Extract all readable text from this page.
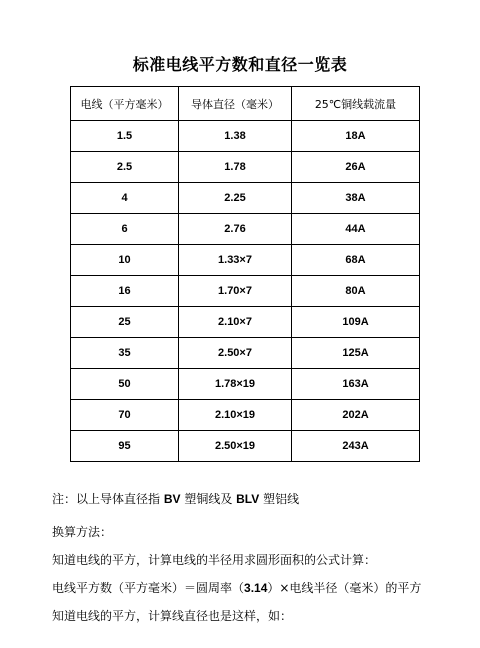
标准电线平方数和直径一览表
电线（平方毫米）	导体直径（毫米）	25℃铜线载流量
1.5	1.38	18A
2.5	1.78	26A
4	2.25	38A
6	2.76	44A
10	1.33×7	68A
16	1.70×7	80A
25	2.10×7	109A
35	2.50×7	125A
50	1.78×19	163A
70	2.10×19	202A
95	2.50×19	243A
注：以上导体直径指 BV 塑铜线及 BLV 塑铝线
换算方法：
知道电线的平方，计算电线的半径用求圆形面积的公式计算：
电线平方数（平方毫米）＝圆周率（3.14）×电线半径（毫米）的平方
知道电线的平方，计算线直径也是这样，如：
